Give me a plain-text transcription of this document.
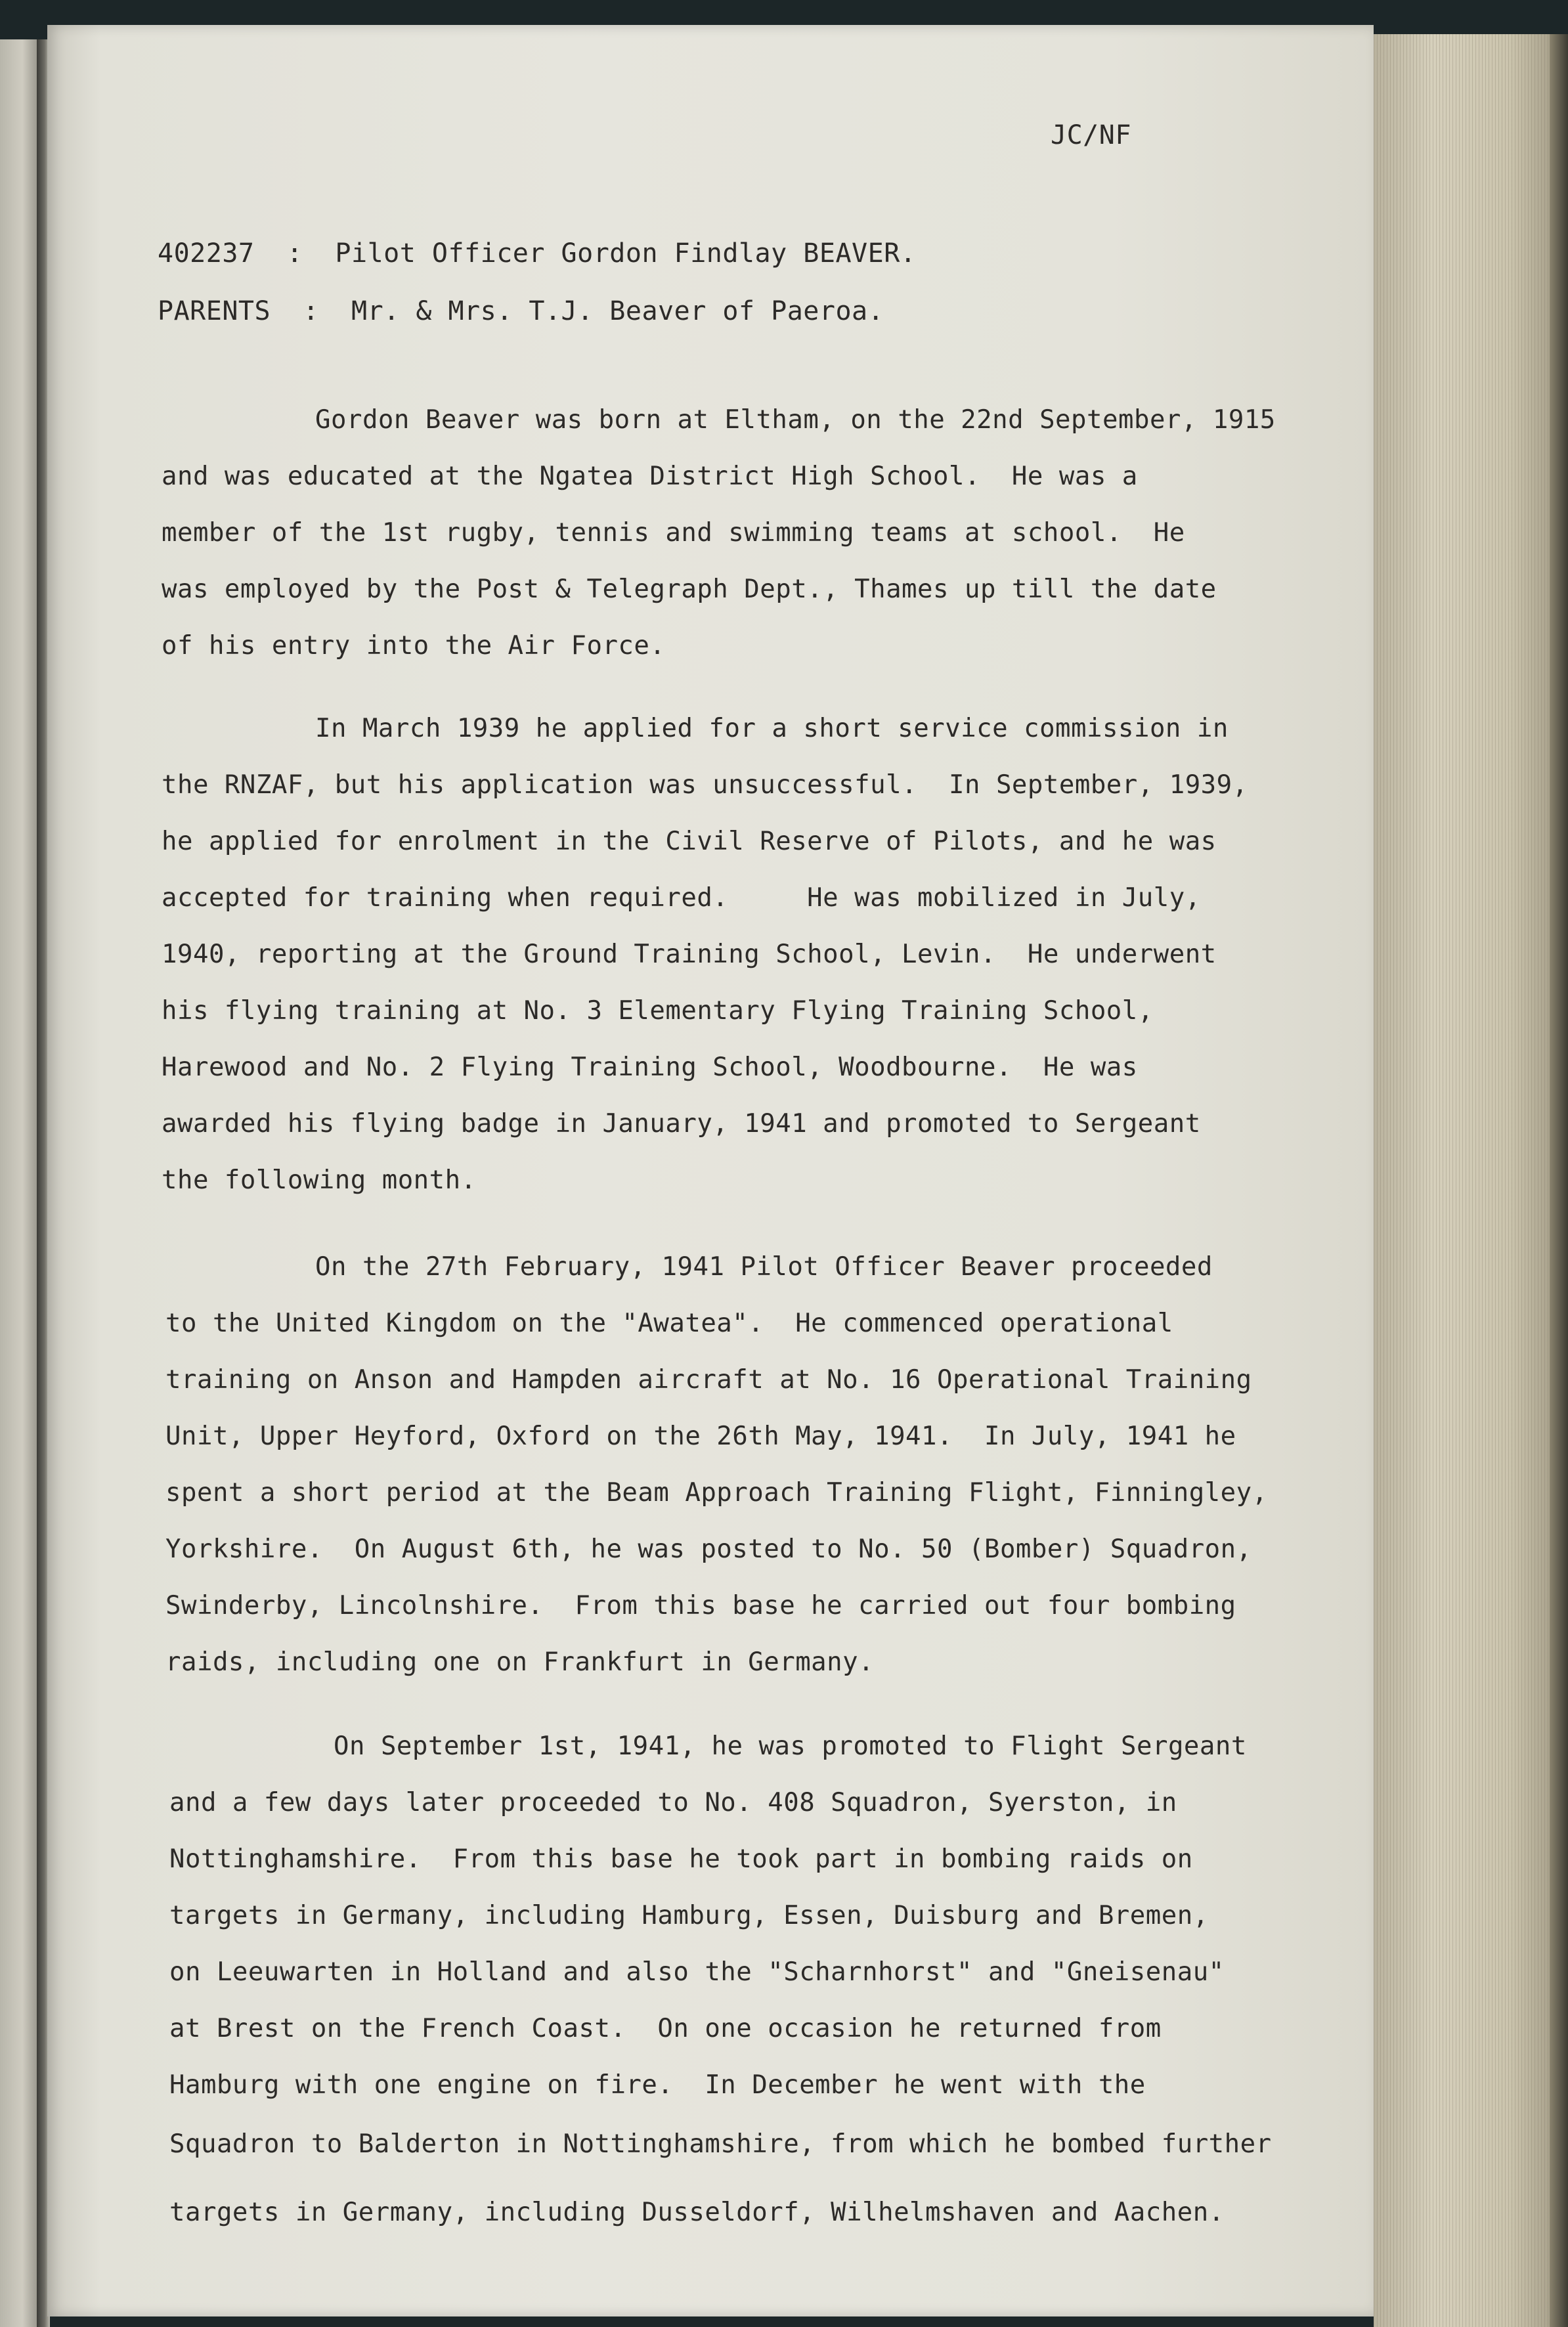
JC/NF
402237  :  Pilot Officer Gordon Findlay BEAVER.
PARENTS  :  Mr. & Mrs. T.J. Beaver of Paeroa.
Gordon Beaver was born at Eltham, on the 22nd September, 1915
and was educated at the Ngatea District High School.  He was a
member of the 1st rugby, tennis and swimming teams at school.  He
was employed by the Post & Telegraph Dept., Thames up till the date
of his entry into the Air Force.
In March 1939 he applied for a short service commission in
the RNZAF, but his application was unsuccessful.  In September, 1939,
he applied for enrolment in the Civil Reserve of Pilots, and he was
accepted for training when required.     He was mobilized in July,
1940, reporting at the Ground Training School, Levin.  He underwent
his flying training at No. 3 Elementary Flying Training School,
Harewood and No. 2 Flying Training School, Woodbourne.  He was
awarded his flying badge in January, 1941 and promoted to Sergeant
the following month.
On the 27th February, 1941 Pilot Officer Beaver proceeded
to the United Kingdom on the "Awatea".  He commenced operational
training on Anson and Hampden aircraft at No. 16 Operational Training
Unit, Upper Heyford, Oxford on the 26th May, 1941.  In July, 1941 he
spent a short period at the Beam Approach Training Flight, Finningley,
Yorkshire.  On August 6th, he was posted to No. 50 (Bomber) Squadron,
Swinderby, Lincolnshire.  From this base he carried out four bombing
raids, including one on Frankfurt in Germany.
On September 1st, 1941, he was promoted to Flight Sergeant
and a few days later proceeded to No. 408 Squadron, Syerston, in
Nottinghamshire.  From this base he took part in bombing raids on
targets in Germany, including Hamburg, Essen, Duisburg and Bremen,
on Leeuwarten in Holland and also the "Scharnhorst" and "Gneisenau"
at Brest on the French Coast.  On one occasion he returned from
Hamburg with one engine on fire.  In December he went with the
Squadron to Balderton in Nottinghamshire, from which he bombed further
targets in Germany, including Dusseldorf, Wilhelmshaven and Aachen.
